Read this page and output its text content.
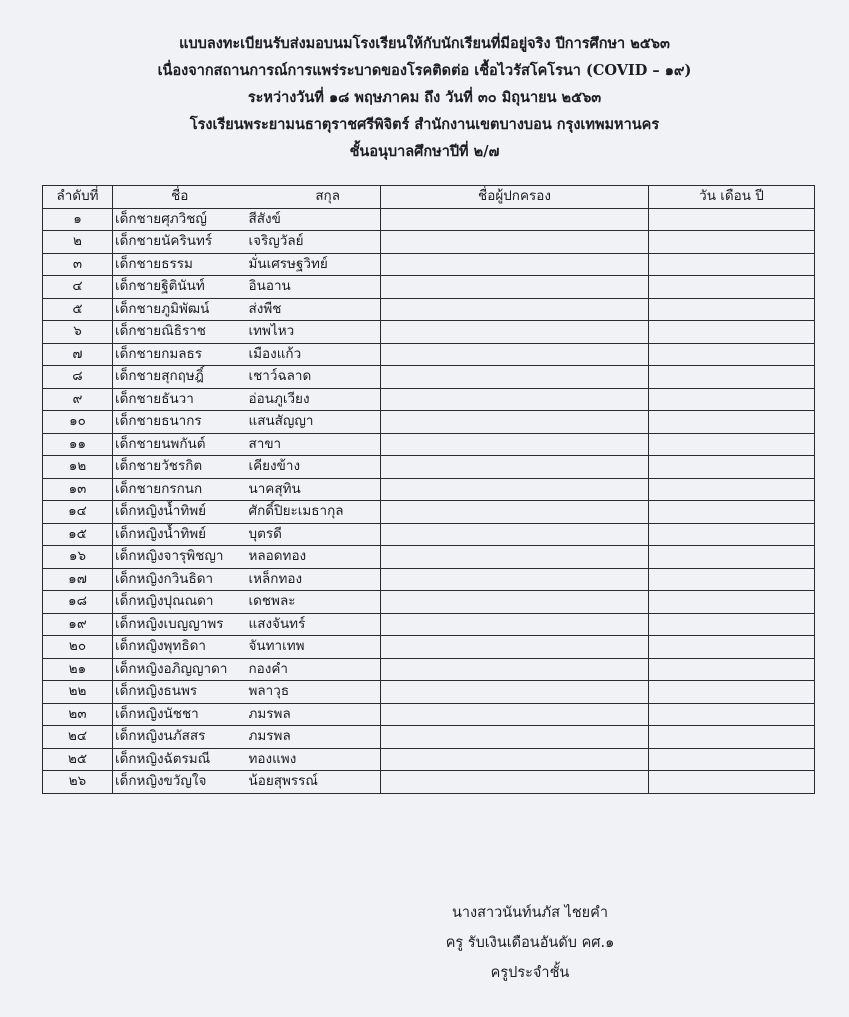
แบบลงทะเบียนรับส่งมอบนมโรงเรียนให้กับนักเรียนที่มีอยู่จริง ปีการศึกษา ๒๕๖๓
เนื่องจากสถานการณ์การแพร่ระบาดของโรคติดต่อ เชื้อไวรัสโคโรนา (COVID – ๑๙)
ระหว่างวันที่ ๑๘ พฤษภาคม ถึง วันที่ ๓๐ มิถุนายน ๒๕๖๓
โรงเรียนพระยามนธาตุราชศรีพิจิตร์ สำนักงานเขตบางบอน กรุงเทพมหานคร
ชั้นอนุบาลศึกษาปีที่ ๒/๗
ลำดับที่	ชื่อ	สกุล	ชื่อผู้ปกครอง	วัน เดือน ปี
๑	เด็กชายศุภวิชญ์	สีสังข์		
๒	เด็กชายนัครินทร์	เจริญวัลย์		
๓	เด็กชายธรรม	มั่นเศรษฐวิทย์		
๔	เด็กชายฐิตินันท์	อินอาน		
๕	เด็กชายภูมิพัฒน์	ส่งพืช		
๖	เด็กชายณิธิราช	เทพไหว		
๗	เด็กชายกมลธร	เมืองแก้ว		
๘	เด็กชายสุกฤษฎิ์	เชาว์ฉลาด		
๙	เด็กชายธันวา	อ่อนภูเวียง		
๑๐	เด็กชายธนากร	แสนสัญญา		
๑๑	เด็กชายนพกันต์	สาขา		
๑๒	เด็กชายวัชรกิต	เคียงข้าง		
๑๓	เด็กชายกรกนก	นาคสุทิน		
๑๔	เด็กหญิงน้ำทิพย์	ศักดิ์ปิยะเมธากุล		
๑๕	เด็กหญิงน้ำทิพย์	บุตรดี		
๑๖	เด็กหญิงจารุพิชญา	หลอดทอง		
๑๗	เด็กหญิงกวินธิดา	เหล็กทอง		
๑๘	เด็กหญิงปุณณดา	เดชพละ		
๑๙	เด็กหญิงเบญญาพร	แสงจันทร์		
๒๐	เด็กหญิงพุทธิดา	จันทาเทพ		
๒๑	เด็กหญิงอภิญญาดา	กองคำ		
๒๒	เด็กหญิงธนพร	พลาวุธ		
๒๓	เด็กหญิงนัชชา	ภมรพล		
๒๔	เด็กหญิงนภัสสร	ภมรพล		
๒๕	เด็กหญิงฉัตรมณี	ทองแพง		
๒๖	เด็กหญิงขวัญใจ	น้อยสุพรรณ์		
นางสาวนันท์นภัส ไชยคำ
ครู รับเงินเดือนอันดับ คศ.๑
ครูประจำชั้น
